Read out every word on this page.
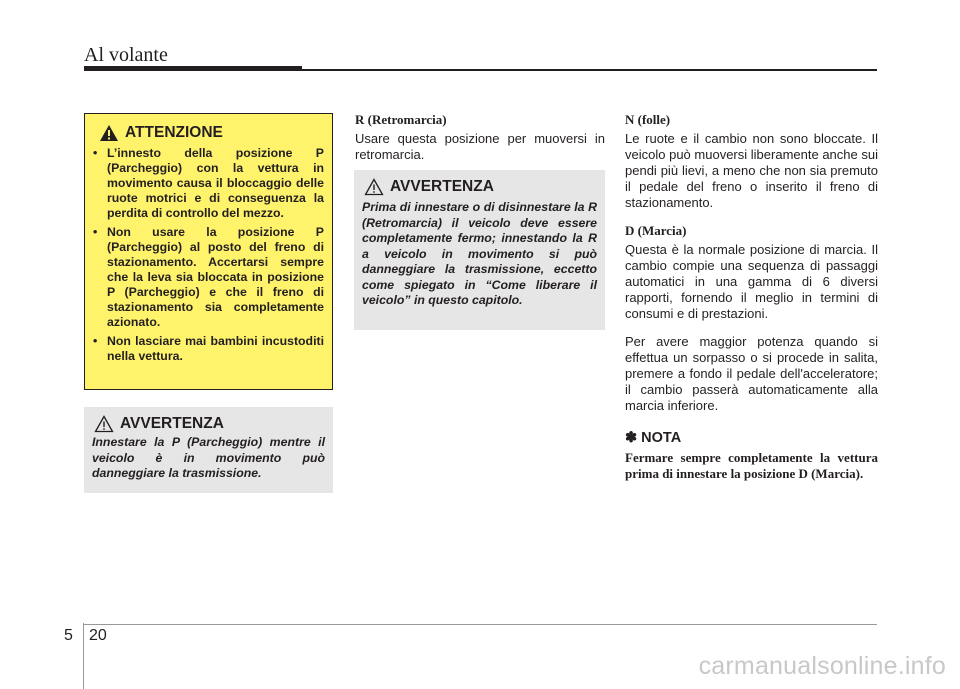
Al volante
ATTENZIONE
• L’innesto della posizione P (Parcheggio) con la vettura in movimento causa il bloccaggio delle ruote motrici e di conseguenza la perdita di controllo del mezzo.
• Non usare la posizione P (Parcheggio) al posto del freno di stazionamento. Accertarsi sempre che la leva sia bloccata in posizione P (Parcheggio) e che il freno di stazionamento sia completamente azionato.
• Non lasciare mai bambini incustoditi nella vettura.
AVVERTENZA
Innestare la P (Parcheggio) mentre il veicolo è in movimento può danneggiare la trasmissione.
R (Retromarcia)
Usare questa posizione per muoversi in retromarcia.
AVVERTENZA
Prima di innestare o di disinnestare la R (Retromarcia) il veicolo deve essere completamente fermo; innestando la R a veicolo in movimento si può danneggiare la trasmissione, eccetto come spiegato in “Come liberare il veicolo” in questo capitolo.
N (folle)
Le ruote e il cambio non sono bloccate. Il veicolo può muoversi liberamente anche sui pendi più lievi, a meno che non sia premuto il pedale del freno o inserito il freno di stazionamento.
D (Marcia)
Questa è la normale posizione di marcia. Il cambio compie una sequenza di passaggi automatici in una gamma di 6 diversi rapporti, fornendo il meglio in termini di consumi e di prestazioni.
Per avere maggior potenza quando si effettua un sorpasso o si procede in salita, premere a fondo il pedale dell'acceleratore; il cambio passerà automaticamente alla marcia inferiore.
✽ NOTA
Fermare sempre completamente la vettura prima di innestare la posizione D (Marcia).
5 20
carmanualsonline.info
